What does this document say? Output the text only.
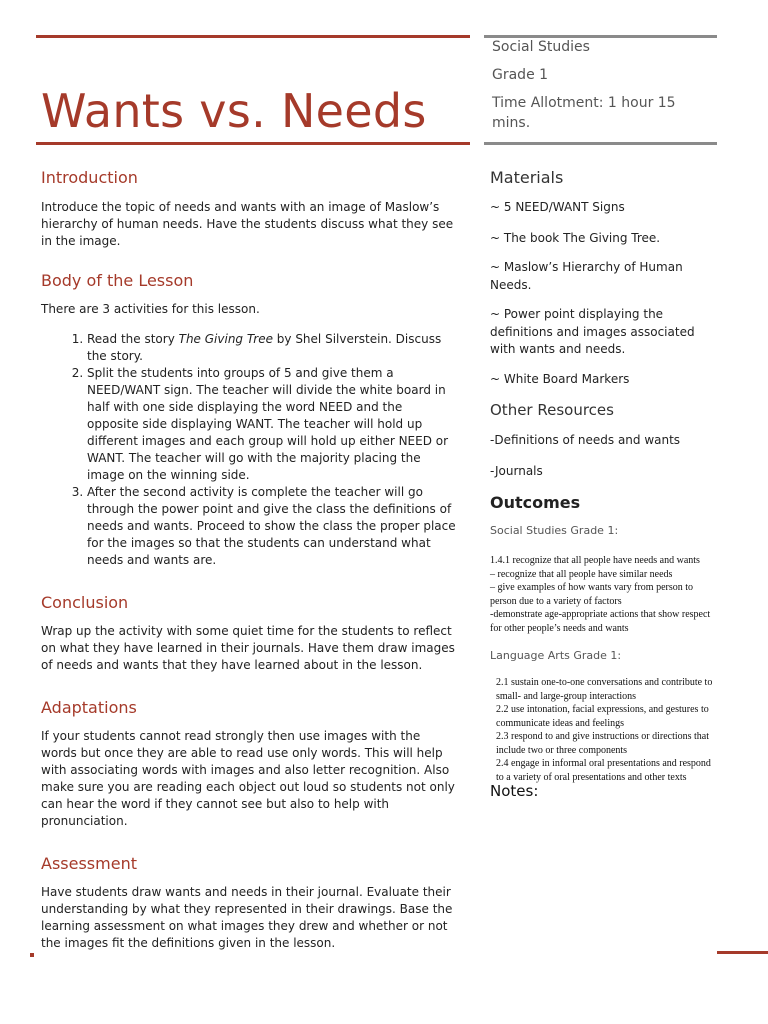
Wants vs. Needs
Social Studies
Grade 1
Time Allotment: 1 hour 15 mins.
Introduction

Introduce the topic of needs and wants with an image of Maslow’s hierarchy of human needs. Have the students discuss what they see in the image.

Body of the Lesson

There are 3 activities for this lesson.

1. Read the story The Giving Tree by Shel Silverstein. Discuss the story.
2. Split the students into groups of 5 and give them a NEED/WANT sign. The teacher will divide the white board in half with one side displaying the word NEED and the opposite side displaying WANT. The teacher will hold up different images and each group will hold up either NEED or WANT. The teacher will go with the majority placing the image on the winning side.
3. After the second activity is complete the teacher will go through the power point and give the class the definitions of needs and wants. Proceed to show the class the proper place for the images so that the students can understand what needs and wants are.
Conclusion

Wrap up the activity with some quiet time for the students to reflect on what they have learned in their journals. Have them draw images of needs and wants that they have learned about in the lesson.

Adaptations

If your students cannot read strongly then use images with the words but once they are able to read use only words. This will help with associating words with images and also letter recognition. Also make sure you are reading each object out loud so students not only can hear the word if they cannot see but also to help with pronunciation.

Assessment

Have students draw wants and needs in their journal. Evaluate their understanding by what they represented in their drawings. Base the learning assessment on what images they drew and whether or not the images fit the definitions given in the lesson.

Materials

~ 5 NEED/WANT Signs

~ The book The Giving Tree.

~ Maslow’s Hierarchy of Human Needs.

~ Power point displaying the definitions and images associated with wants and needs.

~ White Board Markers

Other Resources

-Definitions of needs and wants

-Journals

Outcomes

Social Studies Grade 1:

1.4.1 recognize that all people have needs and wants
– recognize that all people have similar needs
– give examples of how wants vary from person to person due to a variety of factors
-demonstrate age-appropriate actions that show respect for other people’s needs and wants

Language Arts Grade 1:

2.1 sustain one-to-one conversations and contribute to small- and large-group interactions
2.2 use intonation, facial expressions, and gestures to communicate ideas and feelings
2.3 respond to and give instructions or directions that include two or three components
2.4 engage in informal oral presentations and respond to a variety of oral presentations and other texts
Notes:
